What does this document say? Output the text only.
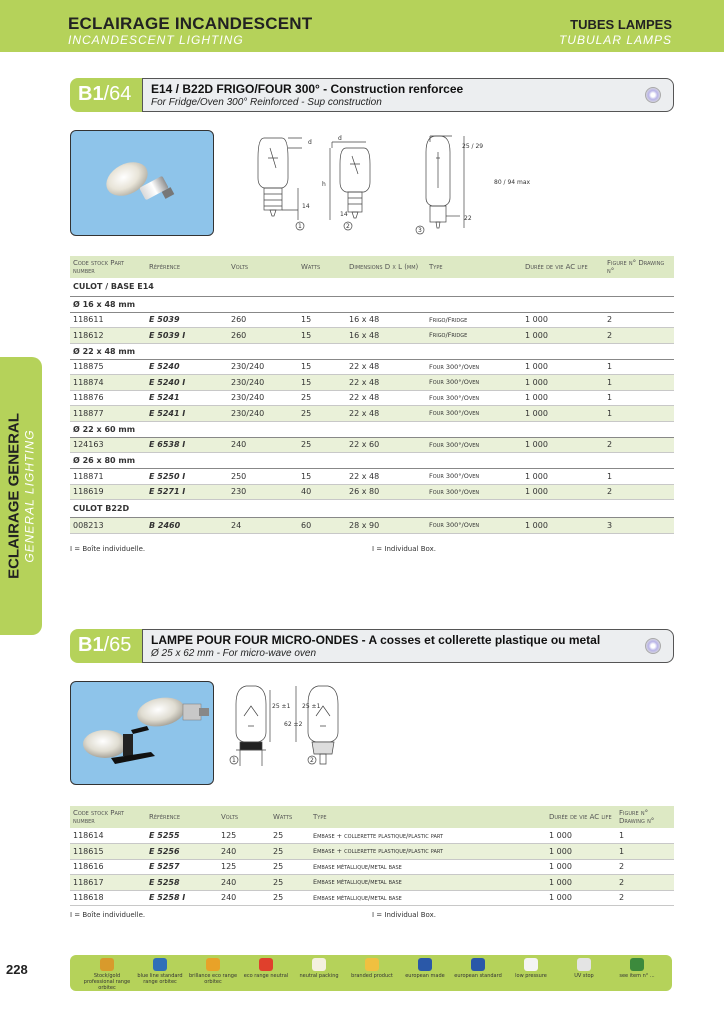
ECLAIRAGE INCANDESCENT
INCANDESCENT LIGHTING
TUBES LAMPES
TUBULAR LAMPS
ECLAIRAGE GENERAL GENERAL LIGHTING
B1/64	E14 / B22D FRIGO/FOUR 300° - Construction renforcee
For Fridge/Oven 300° Reinforced - Sup construction
d
14
1
d
h
14
2
25 / 29
80 / 94 max
22
3
Code stock Part number	Référence	Volts	Watts	Dimensions D x L (mm)	Type	Durée de vie AC life	Figure n° Drawing n°
CULOT / BASE E14							
Ø 16 x 48 mm							
118611	E 5039	260	15	16 x 48	Frigo/Fridge	1 000	2
118612	E 5039 I	260	15	16 x 48	Frigo/Fridge	1 000	2
Ø 22 x 48 mm							
118875	E 5240	230/240	15	22 x 48	Four 300°/Oven	1 000	1
118874	E 5240 I	230/240	15	22 x 48	Four 300°/Oven	1 000	1
118876	E 5241	230/240	25	22 x 48	Four 300°/Oven	1 000	1
118877	E 5241 I	230/240	25	22 x 48	Four 300°/Oven	1 000	1
Ø 22 x 60 mm							
124163	E 6538 I	240	25	22 x 60	Four 300°/Oven	1 000	2
Ø 26 x 80 mm							
118871	E 5250 I	250	15	22 x 48	Four 300°/Oven	1 000	1
118619	E 5271 I	230	40	26 x 80	Four 300°/Oven	1 000	2
CULOT B22D							
008213	B 2460	24	60	28 x 90	Four 300°/Oven	1 000	3
I = Boîte individuelle.	I = Individual Box.
B1/65	LAMPE POUR FOUR MICRO-ONDES - A cosses et collerette plastique ou metal
Ø 25 x 62 mm - For micro-wave oven
25 ±1
62 ±2
25 ±1
1	2
Code stock Part number	Référence	Volts	Watts	Type	Durée de vie AC life	Figure n° Drawing n°
118614	E 5255	125	25	Embase + collerette plastique/plastic part	1 000	1
118615	E 5256	240	25	Embase + collerette plastique/plastic part	1 000	1
118616	E 5257	125	25	Embase métallique/metal base	1 000	2
118617	E 5258	240	25	Embase métallique/metal base	1 000	2
118618	E 5258 I	240	25	Embase métallique/metal base	1 000	2
I = Boîte individuelle.	I = Individual Box.
228	Stock/gold professional range orbitec
blue line standard range orbitec
brillance eco range orbitec
eco range neutral	neutral packing	branded product	european made	european standard	low pressure	UV stop	see item n° ...
